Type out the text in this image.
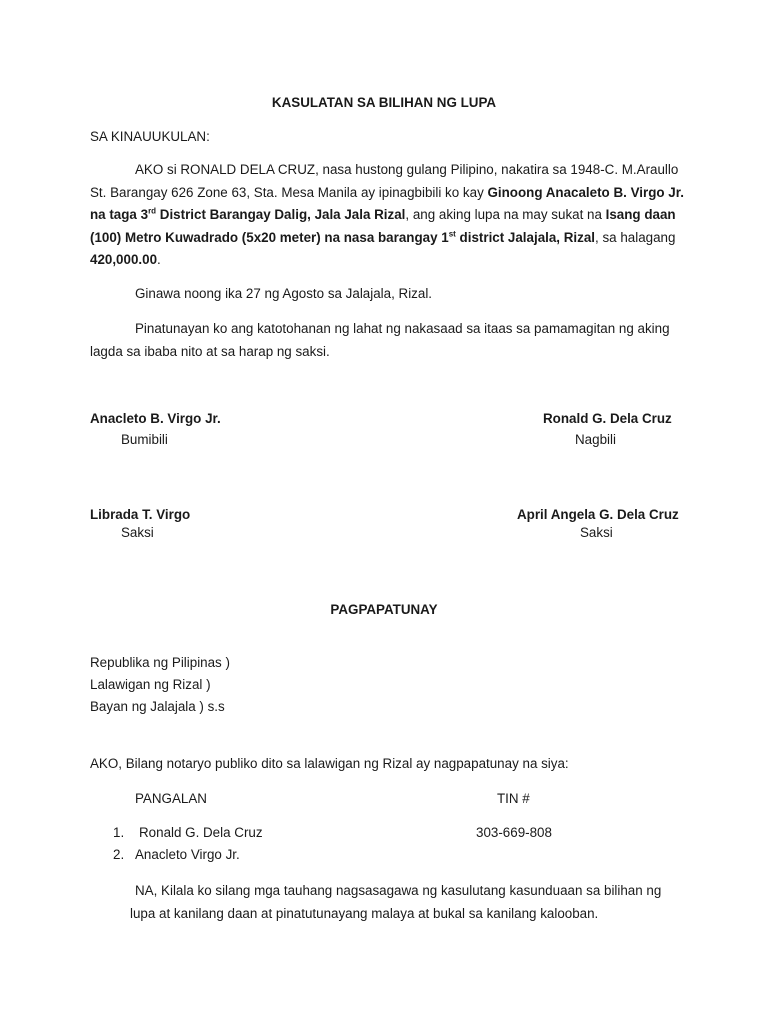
KASULATAN SA BILIHAN NG LUPA
SA KINAUUKULAN:
AKO si RONALD DELA CRUZ, nasa hustong gulang Pilipino, nakatira sa 1948-C. M.Araullo St. Barangay 626 Zone 63, Sta. Mesa Manila ay ipinagbibili ko kay Ginoong Anacaleto B. Virgo Jr. na taga 3rd District Barangay Dalig, Jala Jala Rizal, ang aking lupa na may sukat na Isang daan (100) Metro Kuwadrado (5x20 meter) na nasa barangay 1st district Jalajala, Rizal, sa halagang 420,000.00.
Ginawa noong ika 27 ng Agosto sa Jalajala, Rizal.
Pinatunayan ko ang katotohanan ng lahat ng nakasaad sa itaas sa pamamagitan ng aking lagda sa ibaba nito at sa harap ng saksi.
Anacleto B. Virgo Jr.
Bumibili
Ronald G. Dela Cruz
Nagbili
Librada T. Virgo
Saksi
April Angela G. Dela Cruz
Saksi
PAGPAPATUNAY
Republika ng Pilipinas )
Lalawigan ng Rizal )
Bayan ng Jalajala ) s.s
AKO, Bilang notaryo publiko dito sa lalawigan ng Rizal ay nagpapatunay na siya:
PANGALAN	TIN #
1. Ronald G. Dela Cruz	303-669-808
2. Anacleto Virgo Jr.
NA, Kilala ko silang mga tauhang nagsasagawa ng kasulutang kasunduaan sa bilihan ng lupa at kanilang daan at pinatutunayang malaya at bukal sa kanilang kalooban.
